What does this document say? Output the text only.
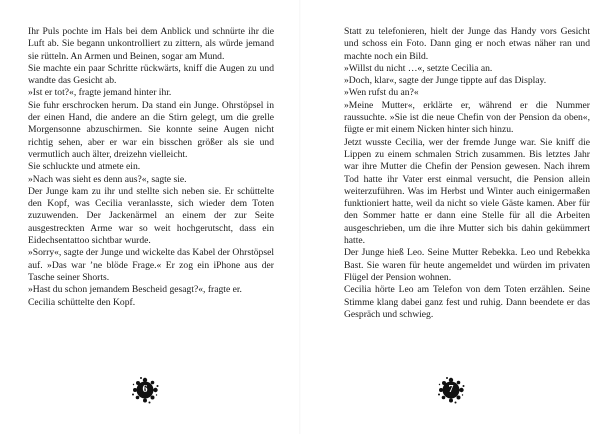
Ihr Puls pochte im Hals bei dem Anblick und schnürte ihr die Luft ab. Sie begann unkontrolliert zu zittern, als würde jemand sie rütteln. An Armen und Beinen, sogar am Mund.

Sie machte ein paar Schritte rückwärts, kniff die Augen zu und wandte das Gesicht ab.

»Ist er tot?«, fragte jemand hinter ihr.

Sie fuhr erschrocken herum. Da stand ein Junge. Ohrstöpsel in der einen Hand, die andere an die Stirn gelegt, um die grelle Morgensonne abzuschirmen. Sie konnte seine Augen nicht richtig sehen, aber er war ein bisschen größer als sie und vermutlich auch älter, dreizehn vielleicht.

Sie schluckte und atmete ein.

»Nach was sieht es denn aus?«, sagte sie.

Der Junge kam zu ihr und stellte sich neben sie. Er schüttelte den Kopf, was Cecilia veranlasste, sich wieder dem Toten zuzuwenden. Der Jackenärmel an einem der zur Seite ausgestreckten Arme war so weit hochgerutscht, dass ein Eidechsentattoo sichtbar wurde.

»Sorry«, sagte der Junge und wickelte das Kabel der Ohrstöpsel auf. »Das war ’ne blöde Frage.« Er zog ein iPhone aus der Tasche seiner Shorts.

»Hast du schon jemandem Bescheid gesagt?«, fragte er.

Cecilia schüttelte den Kopf.

6

Statt zu telefonieren, hielt der Junge das Handy vors Gesicht und schoss ein Foto. Dann ging er noch etwas näher ran und machte noch ein Bild.

»Willst du nicht …«, setzte Cecilia an.

»Doch, klar«, sagte der Junge tippte auf das Display.

»Wen rufst du an?«

»Meine Mutter«, erklärte er, während er die Nummer raussuchte. »Sie ist die neue Chefin von der Pension da oben«, fügte er mit einem Nicken hinter sich hinzu.

Jetzt wusste Cecilia, wer der fremde Junge war. Sie kniff die Lippen zu einem schmalen Strich zusammen. Bis letztes Jahr war ihre Mutter die Chefin der Pension gewesen. Nach ihrem Tod hatte ihr Vater erst einmal versucht, die Pension allein weiterzuführen. Was im Herbst und Winter auch einigermaßen funktioniert hatte, weil da nicht so viele Gäste kamen. Aber für den Sommer hatte er dann eine Stelle für all die Arbeiten ausgeschrieben, um die ihre Mutter sich bis dahin gekümmert hatte.

Der Junge hieß Leo. Seine Mutter Rebekka. Leo und Rebekka Bast. Sie waren für heute angemeldet und würden im privaten Flügel der Pension wohnen.

Cecilia hörte Leo am Telefon von dem Toten erzählen. Seine Stimme klang dabei ganz fest und ruhig. Dann beendete er das Gespräch und schwieg.

7
